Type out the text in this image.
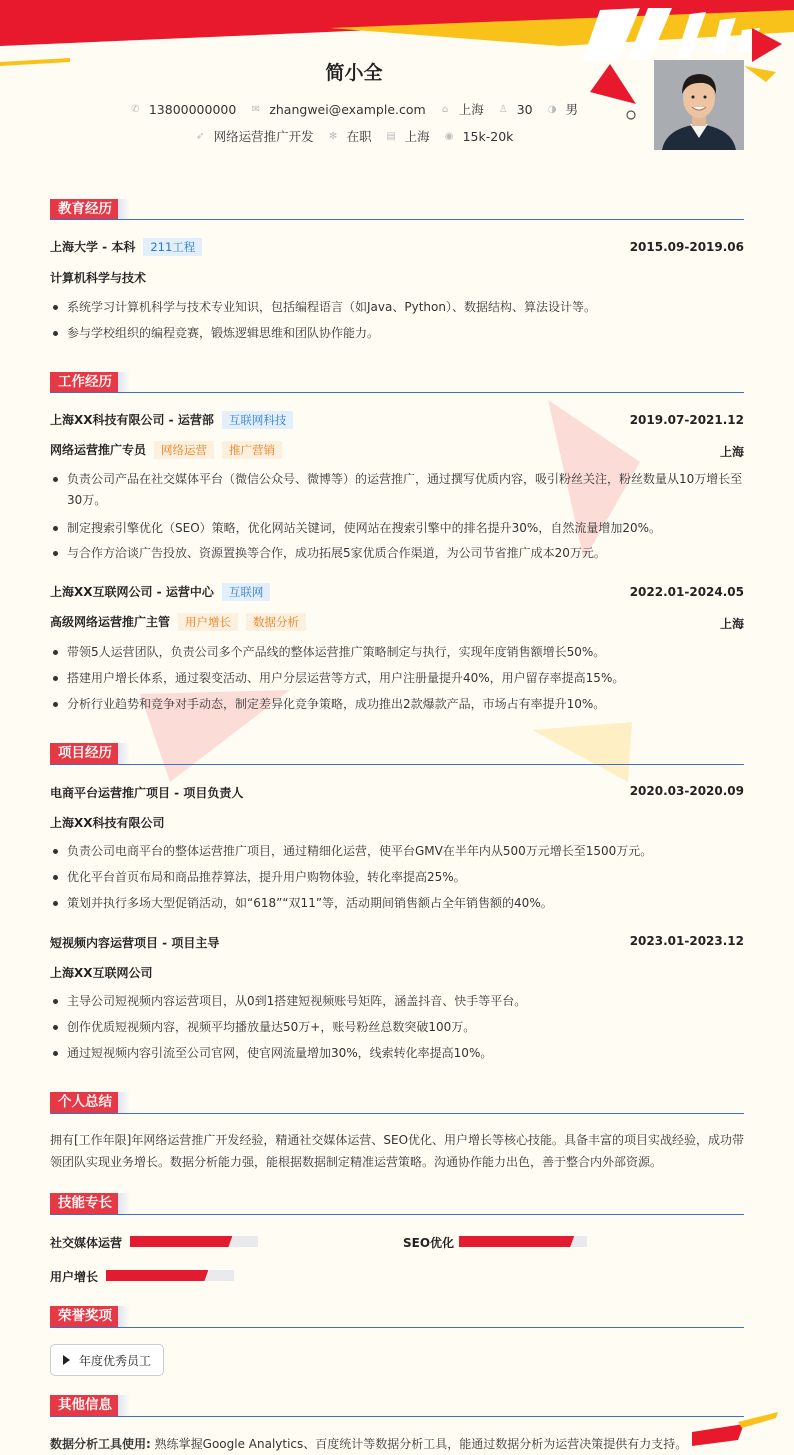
简小全
✆ 13800000000 ✉ zhangwei@example.com ⌂ 上海 ♙ 30 ◑ 男
➶ 网络运营推广开发 ✻ 在职 ▤ 上海 ◉ 15k-20k
教育经历
上海大学 - 本科 211工程	2015.09-2019.06
计算机科学与技术
系统学习计算机科学与技术专业知识，包括编程语言（如Java、Python）、数据结构、算法设计等。
参与学校组织的编程竞赛，锻炼逻辑思维和团队协作能力。
工作经历
上海XX科技有限公司 - 运营部 互联网科技	2019.07-2021.12
网络运营推广专员 网络运营 推广营销	上海
负责公司产品在社交媒体平台（微信公众号、微博等）的运营推广，通过撰写优质内容，吸引粉丝关注，粉丝数量从10万增长至30万。
制定搜索引擎优化（SEO）策略，优化网站关键词，使网站在搜索引擎中的排名提升30%，自然流量增加20%。
与合作方洽谈广告投放、资源置换等合作，成功拓展5家优质合作渠道，为公司节省推广成本20万元。
上海XX互联网公司 - 运营中心 互联网	2022.01-2024.05
高级网络运营推广主管 用户增长 数据分析	上海
带领5人运营团队，负责公司多个产品线的整体运营推广策略制定与执行，实现年度销售额增长50%。
搭建用户增长体系，通过裂变活动、用户分层运营等方式，用户注册量提升40%，用户留存率提高15%。
分析行业趋势和竞争对手动态，制定差异化竞争策略，成功推出2款爆款产品，市场占有率提升10%。
项目经历
电商平台运营推广项目 - 项目负责人	2020.03-2020.09
上海XX科技有限公司
负责公司电商平台的整体运营推广项目，通过精细化运营，使平台GMV在半年内从500万元增长至1500万元。
优化平台首页布局和商品推荐算法，提升用户购物体验，转化率提高25%。
策划并执行多场大型促销活动，如“618”“双11”等，活动期间销售额占全年销售额的40%。
短视频内容运营项目 - 项目主导	2023.01-2023.12
上海XX互联网公司
主导公司短视频内容运营项目，从0到1搭建短视频账号矩阵，涵盖抖音、快手等平台。
创作优质短视频内容，视频平均播放量达50万+，账号粉丝总数突破100万。
通过短视频内容引流至公司官网，使官网流量增加30%，线索转化率提高10%。
个人总结
拥有[工作年限]年网络运营推广开发经验，精通社交媒体运营、SEO优化、用户增长等核心技能。具备丰富的项目实战经验，成功带领团队实现业务增长。数据分析能力强，能根据数据制定精准运营策略。沟通协作能力出色，善于整合内外部资源。
技能专长
社交媒体运营	SEO优化
用户增长
荣誉奖项
年度优秀员工
其他信息
数据分析工具使用: 熟练掌握Google Analytics、百度统计等数据分析工具，能通过数据分析为运营决策提供有力支持。
